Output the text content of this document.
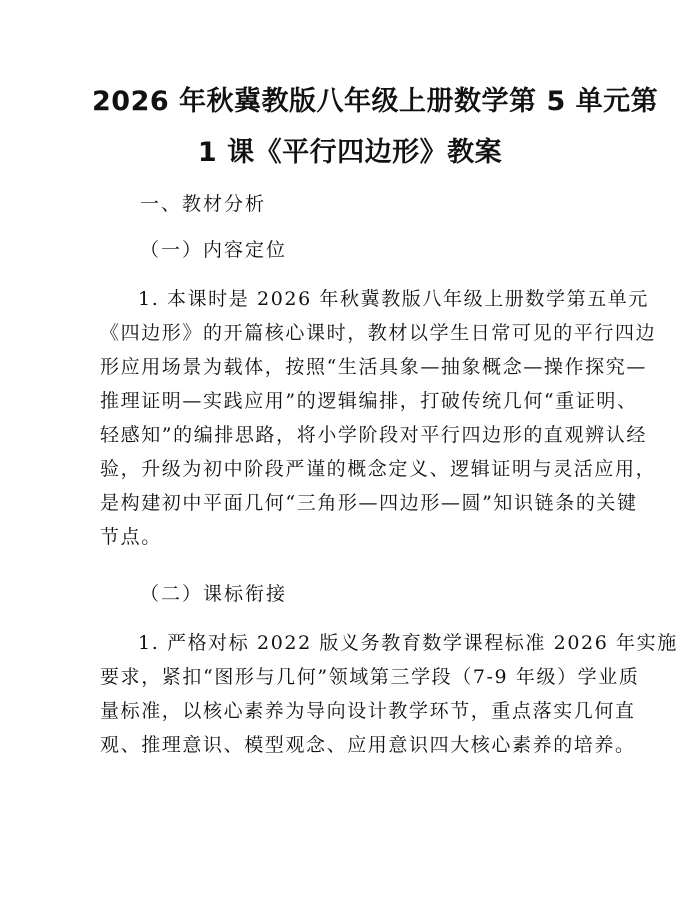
2026 年秋冀教版八年级上册数学第 5 单元第
1 课《平行四边形》教案
一、教材分析
（一）内容定位
1. 本课时是 2026 年秋冀教版八年级上册数学第五单元
《四边形》的开篇核心课时，教材以学生日常可见的平行四边
形应用场景为载体，按照“生活具象—抽象概念—操作探究—
推理证明—实践应用”的逻辑编排，打破传统几何“重证明、
轻感知”的编排思路，将小学阶段对平行四边形的直观辨认经
验，升级为初中阶段严谨的概念定义、逻辑证明与灵活应用，
是构建初中平面几何“三角形—四边形—圆”知识链条的关键
节点。
（二）课标衔接
1. 严格对标 2022 版义务教育数学课程标准 2026 年实施
要求，紧扣“图形与几何”领域第三学段（7-9 年级）学业质
量标准，以核心素养为导向设计教学环节，重点落实几何直
观、推理意识、模型观念、应用意识四大核心素养的培养。
